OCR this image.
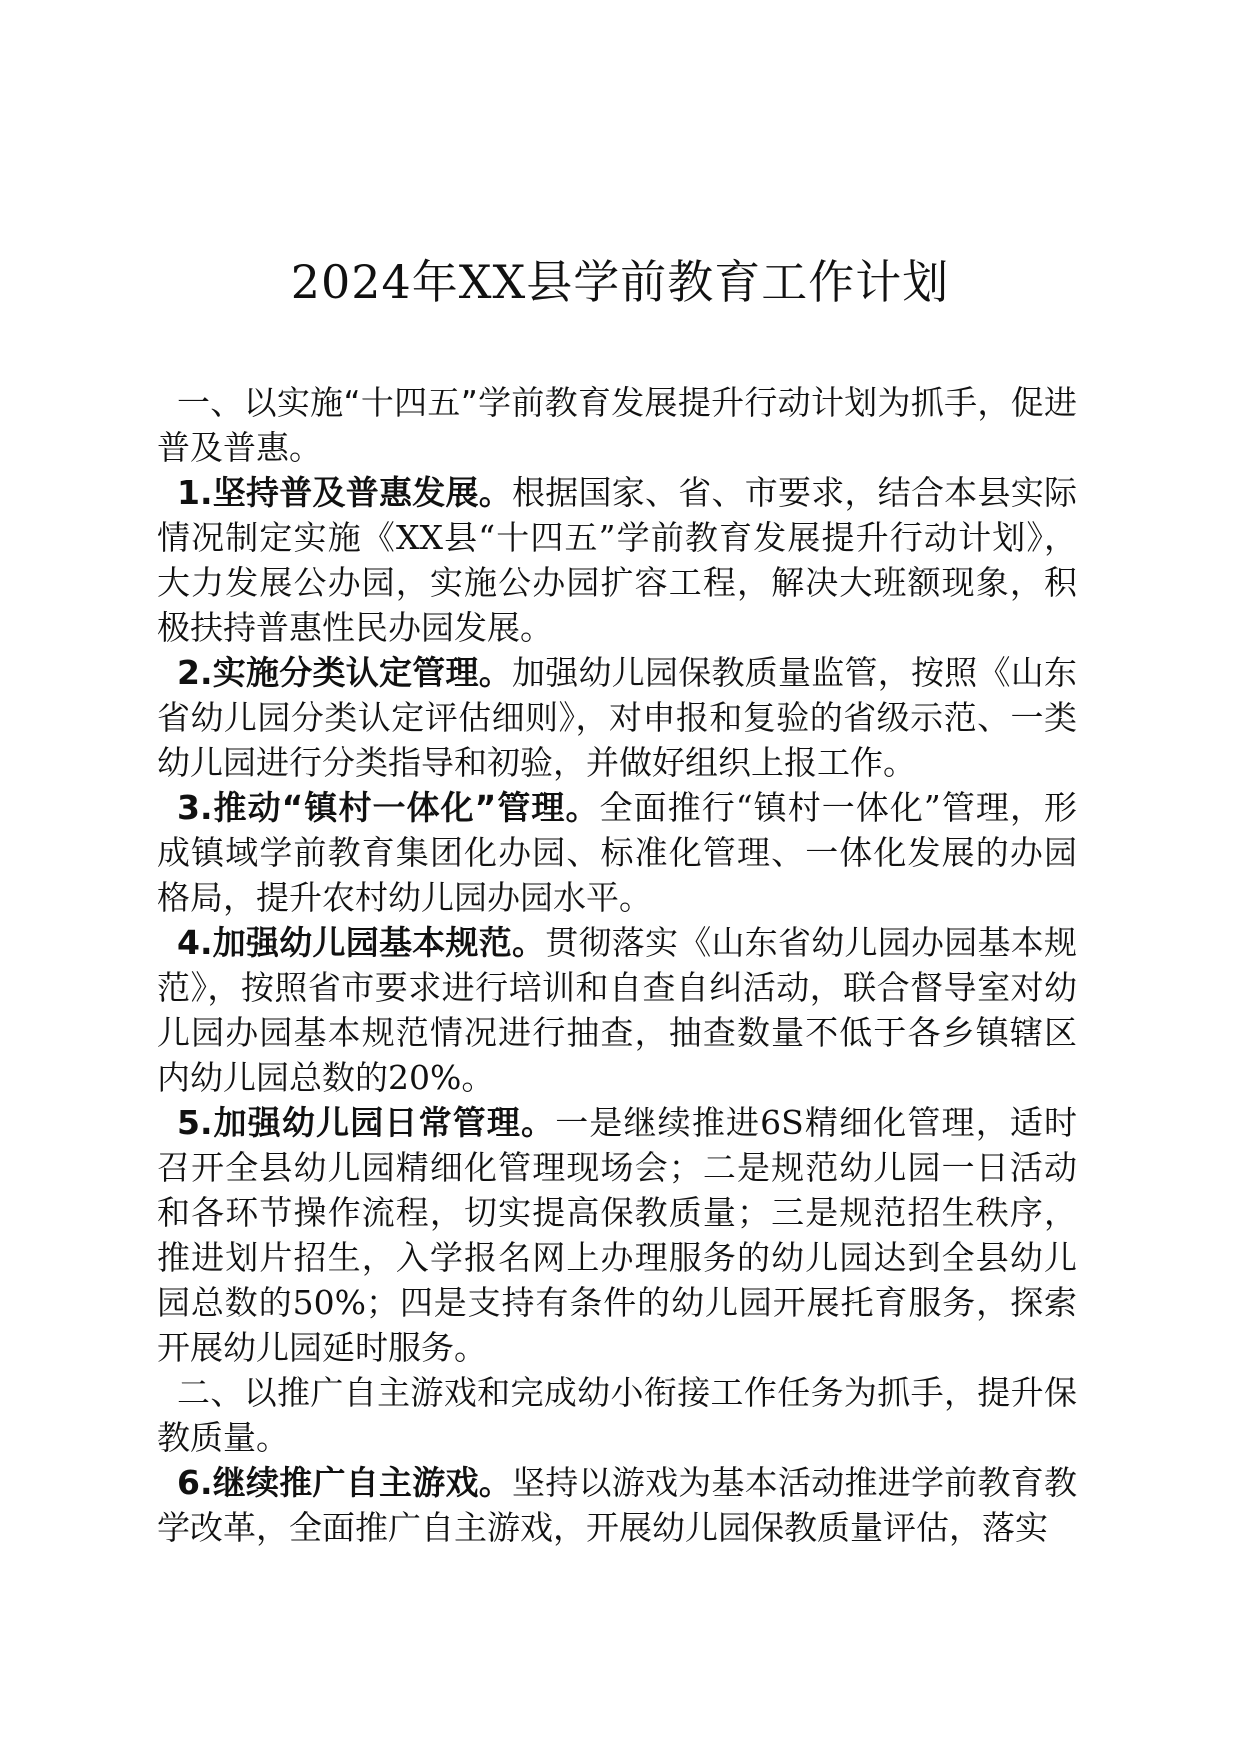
2024年XX县学前教育工作计划

一、以实施“十四五”学前教育发展提升行动计划为抓手，促进普及普惠。

1.坚持普及普惠发展。根据国家、省、市要求，结合本县实际情况制定实施《XX县“十四五”学前教育发展提升行动计划》，大力发展公办园，实施公办园扩容工程，解决大班额现象，积极扶持普惠性民办园发展。

2.实施分类认定管理。加强幼儿园保教质量监管，按照《山东省幼儿园分类认定评估细则》，对申报和复验的省级示范、一类幼儿园进行分类指导和初验，并做好组织上报工作。

3.推动“镇村一体化”管理。全面推行“镇村一体化”管理，形成镇域学前教育集团化办园、标准化管理、一体化发展的办园格局，提升农村幼儿园办园水平。

4.加强幼儿园基本规范。贯彻落实《山东省幼儿园办园基本规范》，按照省市要求进行培训和自查自纠活动，联合督导室对幼儿园办园基本规范情况进行抽查，抽查数量不低于各乡镇辖区内幼儿园总数的20%。

5.加强幼儿园日常管理。一是继续推进6S精细化管理，适时召开全县幼儿园精细化管理现场会；二是规范幼儿园一日活动和各环节操作流程，切实提高保教质量；三是规范招生秩序，推进划片招生，入学报名网上办理服务的幼儿园达到全县幼儿园总数的50%；四是支持有条件的幼儿园开展托育服务，探索开展幼儿园延时服务。

二、以推广自主游戏和完成幼小衔接工作任务为抓手，提升保教质量。

6.继续推广自主游戏。坚持以游戏为基本活动推进学前教育教学改革，全面推广自主游戏，开展幼儿园保教质量评估，落实
